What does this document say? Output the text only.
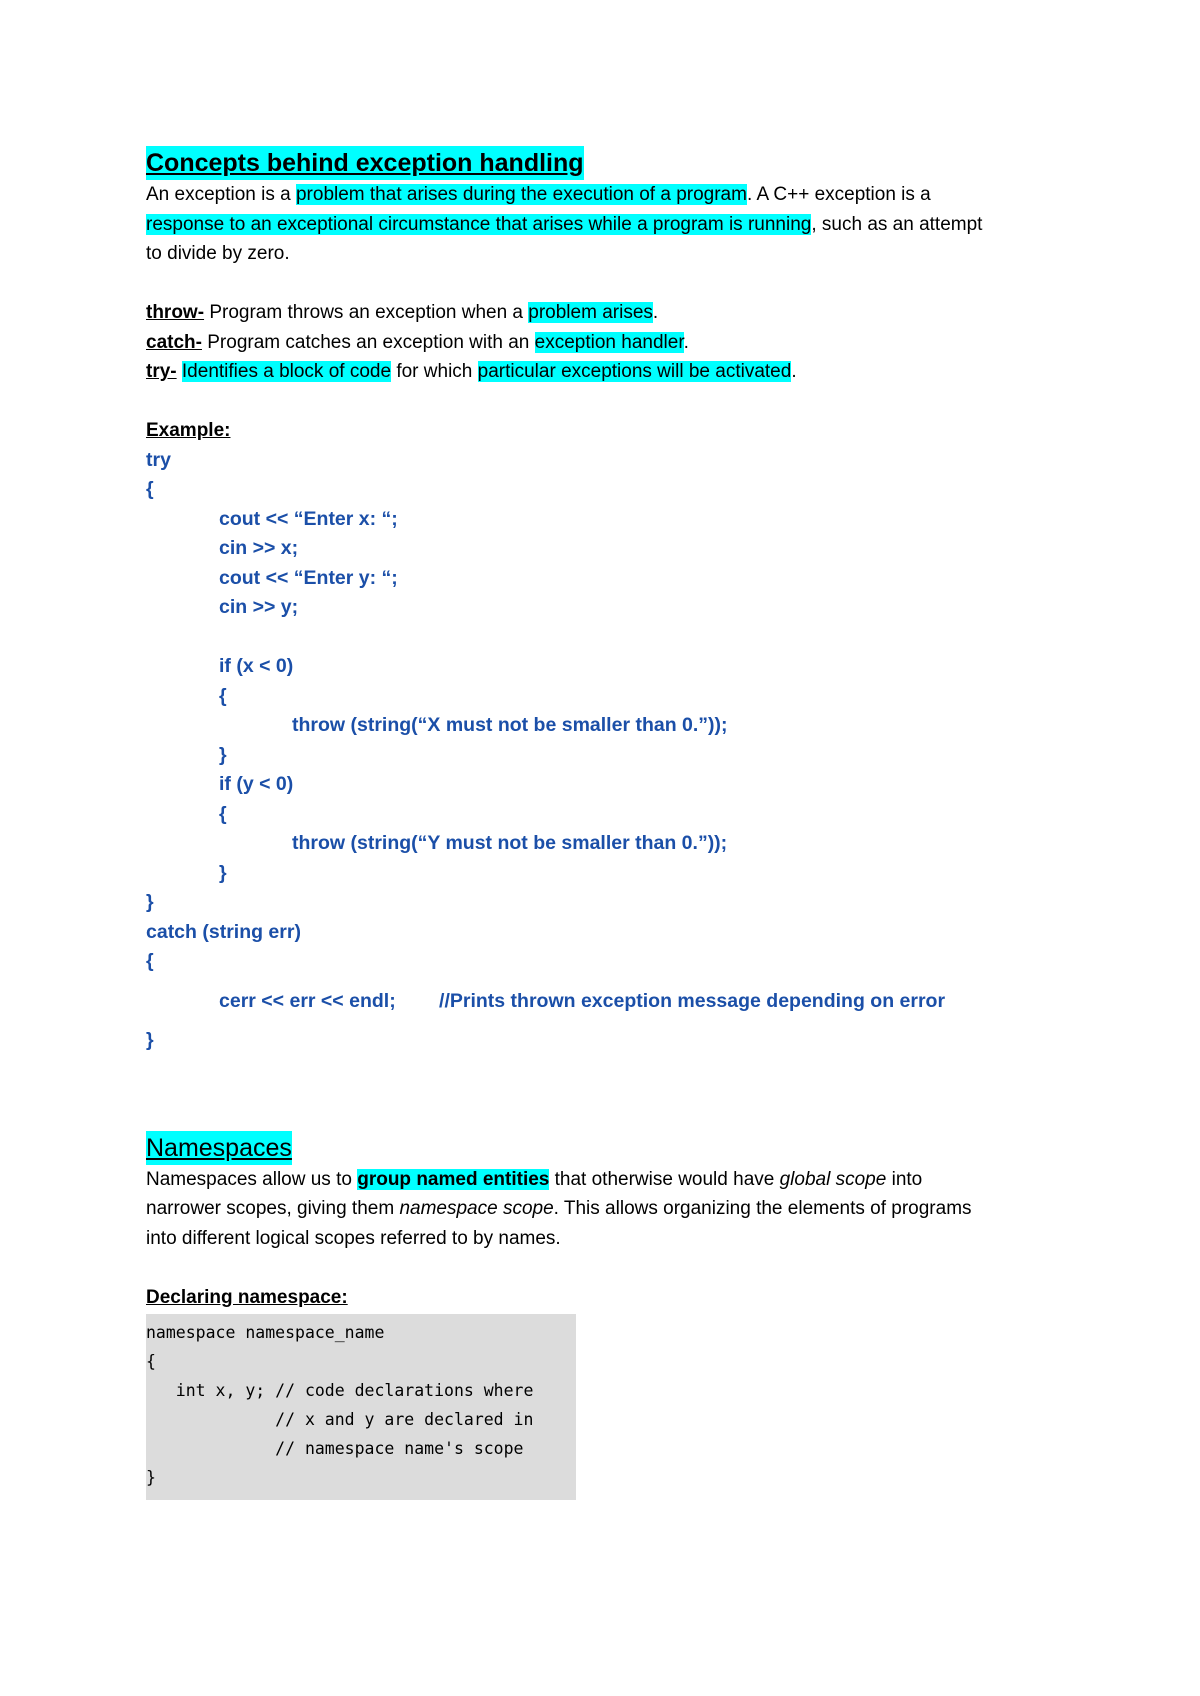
Concepts behind exception handling

An exception is a problem that arises during the execution of a program. A C++ exception is a
response to an exceptional circumstance that arises while a program is running, such as an attempt
to divide by zero.

throw- Program throws an exception when a problem arises.

catch- Program catches an exception with an exception handler.

try- Identifies a block of code for which particular exceptions will be activated.

Example:

try

{

cout << “Enter x: “;

cin >> x;

cout << “Enter y: “;

cin >> y;

if (x < 0)

{

throw (string(“X must not be smaller than 0.”));

}

if (y < 0)

{

throw (string(“Y must not be smaller than 0.”));

}

}

catch (string err)

{

cerr << err << endl;        //Prints thrown exception message depending on error

}

Namespaces

Namespaces allow us to group named entities that otherwise would have global scope into
narrower scopes, giving them namespace scope. This allows organizing the elements of programs
into different logical scopes referred to by names.

Declaring namespace:

namespace namespace_name

{

int x, y; // code declarations where

// x and y are declared in

// namespace name's scope

}
